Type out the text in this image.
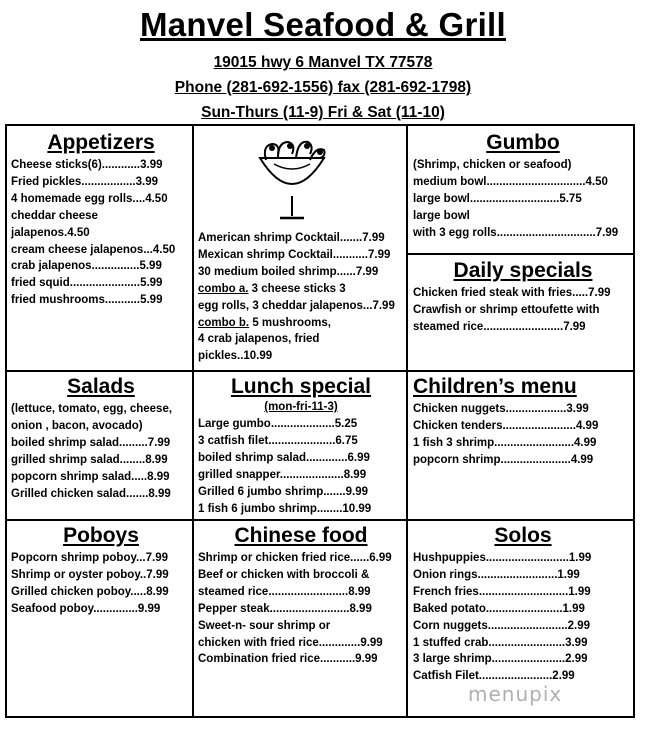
Manvel Seafood & Grill
19015 hwy 6 Manvel TX 77578
Phone (281-692-1556) fax (281-692-1798)
Sun-Thurs (11-9) Fri & Sat (11-10)
Appetizers
Cheese sticks(6)............3.99
Fried pickles.................3.99
4 homemade egg rolls....4.50
cheddar cheese
jalapenos.4.50
cream cheese jalapenos...4.50
crab jalapenos...............5.99
fried squid......................5.99
fried mushrooms...........5.99
American shrimp Cocktail.......7.99
Mexican shrimp Cocktail...........7.99
30 medium boiled shrimp......7.99
combo a. 3 cheese sticks 3
egg rolls, 3 cheddar jalapenos...7.99
combo b. 5 mushrooms,
4 crab jalapenos, fried
pickles..10.99
Gumbo
(Shrimp, chicken or seafood)
medium bowl...............................4.50
large bowl............................5.75
large bowl
with 3 egg rolls...............................7.99
Daily specials
Chicken fried steak with fries.....7.99
Crawfish or shrimp ettoufette with
steamed rice.........................7.99
Salads
(lettuce, tomato, egg, cheese,
onion , bacon, avocado)
boiled shrimp salad.........7.99
grilled shrimp salad........8.99
popcorn shrimp salad.....8.99
Grilled chicken salad.......8.99
Lunch special
(mon-fri-11-3)
Large gumbo....................5.25
3 catfish filet.....................6.75
boiled shrimp salad.............6.99
grilled snapper....................8.99
Grilled 6 jumbo shrimp.......9.99
1 fish 6 jumbo shrimp........10.99
Children’s menu
Chicken nuggets...................3.99
Chicken tenders.......................4.99
1 fish 3 shrimp.........................4.99
popcorn shrimp......................4.99
Poboys
Popcorn shrimp poboy...7.99
Shrimp or oyster poboy..7.99
Grilled chicken poboy.....8.99
Seafood poboy..............9.99
Chinese food
Shrimp or chicken fried rice......6.99
Beef or chicken with broccoli &
steamed rice.........................8.99
Pepper steak.........................8.99
Sweet-n- sour shrimp or
chicken with fried rice.............9.99
Combination fried rice...........9.99
Solos
Hushpuppies..........................1.99
Onion rings.........................1.99
French fries............................1.99
Baked potato........................1.99
Corn nuggets.........................2.99
1 stuffed crab........................3.99
3 large shrimp.......................2.99
Catfish Filet.......................2.99
menupix
